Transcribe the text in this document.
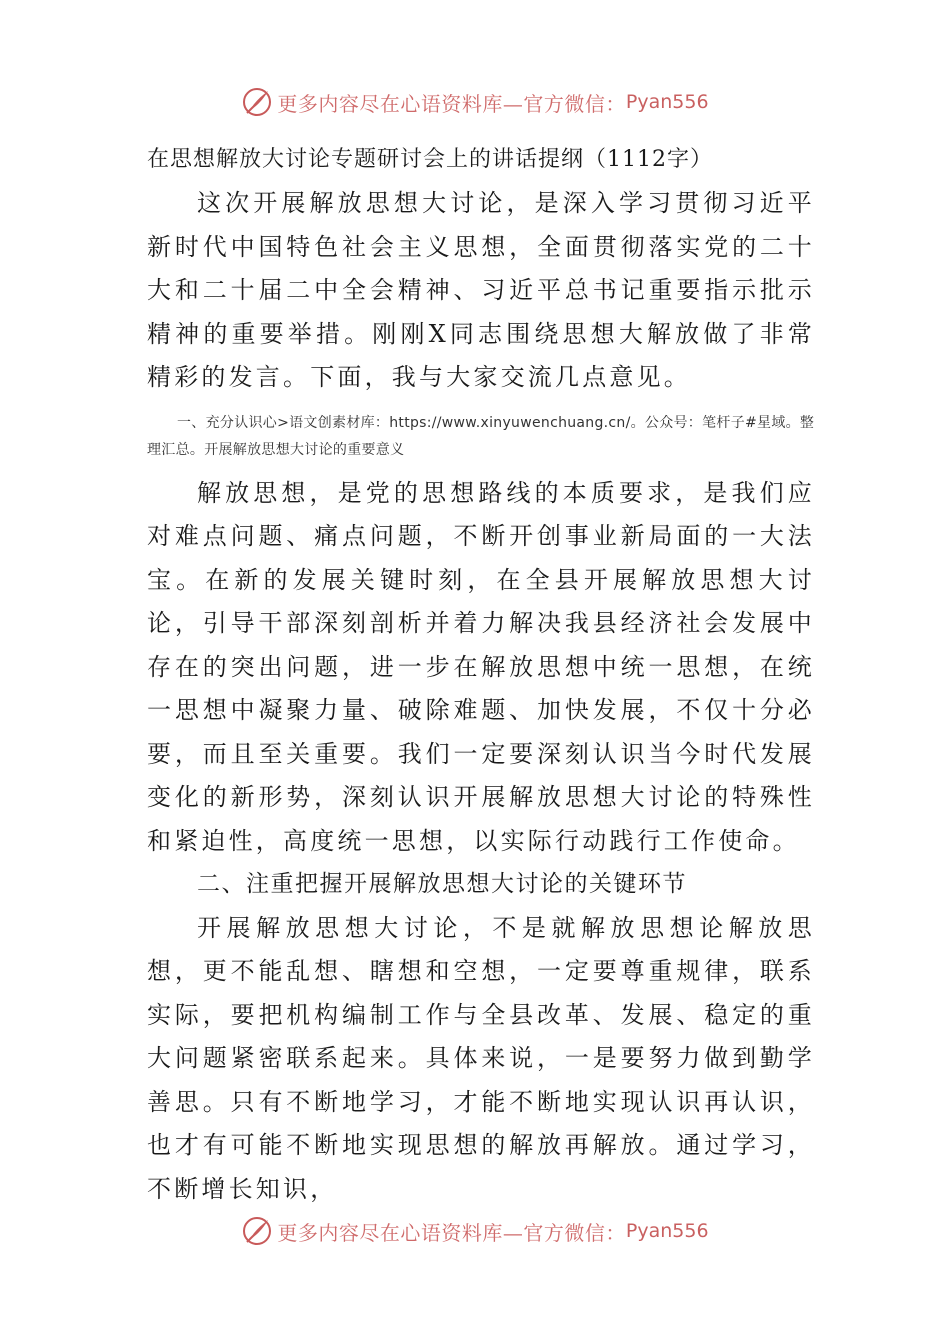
更多内容尽在心语资料库—官方微信： Pyan556

在思想解放大讨论专题研讨会上的讲话提纲（1112字）

这次开展解放思想大讨论，是深入学习贯彻习近平新时代中国特色社会主义思想，全面贯彻落实党的二十大和二十届二中全会精神、习近平总书记重要指示批示精神的重要举措。刚刚X同志围绕思想大解放做了非常精彩的发言。下面，我与大家交流几点意见。

一、充分认识心>语文创素材库：https://www.xinyuwenchuang.cn/。公众号：笔杆子#星域。整理汇总。开展解放思想大讨论的重要意义

解放思想，是党的思想路线的本质要求，是我们应对难点问题、痛点问题，不断开创事业新局面的一大法宝。在新的发展关键时刻，在全县开展解放思想大讨论，引导干部深刻剖析并着力解决我县经济社会发展中存在的突出问题，进一步在解放思想中统一思想，在统一思想中凝聚力量、破除难题、加快发展，不仅十分必要，而且至关重要。我们一定要深刻认识当今时代发展变化的新形势，深刻认识开展解放思想大讨论的特殊性和紧迫性，高度统一思想，以实际行动践行工作使命。

二、注重把握开展解放思想大讨论的关键环节

开展解放思想大讨论，不是就解放思想论解放思想，更不能乱想、瞎想和空想，一定要尊重规律，联系实际，要把机构编制工作与全县改革、发展、稳定的重大问题紧密联系起来。具体来说，一是要努力做到勤学善思。只有不断地学习，才能不断地实现认识再认识，也才有可能不断地实现思想的解放再解放。通过学习，不断增长知识，

更多内容尽在心语资料库—官方微信： Pyan556
